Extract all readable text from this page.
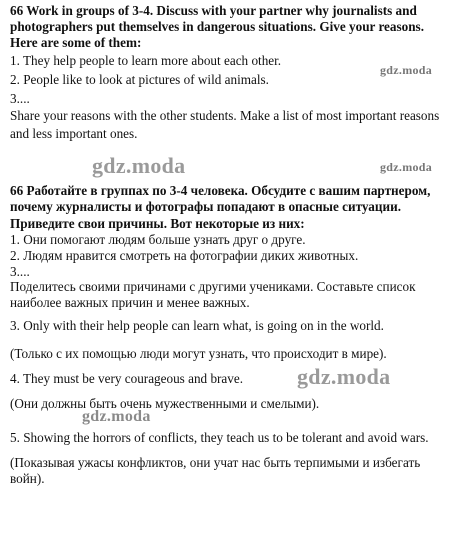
66 Work in groups of 3-4. Discuss with your partner why journalists and
photographers put themselves in dangerous situations. Give your reasons.
Here are some of them:
1. They help people to learn more about each other.
2. People like to look at pictures of wild animals.
3....
Share your reasons with the other students. Make a list of most important reasons
and less important ones.
66 Работайте в группах по 3-4 человека. Обсудите с вашим партнером,
почему журналисты и фотографы попадают в опасные ситуации.
Приведите свои причины. Вот некоторые из них:
1. Они помогают людям больше узнать друг о друге.
2. Людям нравится смотреть на фотографии диких животных.
3....
Поделитесь своими причинами с другими учениками. Составьте список
наиболее важных причин и менее важных.
3. Only with their help people can learn what, is going on in the world.
(Только с их помощью люди могут узнать, что происходит в мире).
4. They must be very courageous and brave.
(Они должны быть очень мужественными и смелыми).
5. Showing the horrors of conflicts, they teach us to be tolerant and avoid wars.
(Показывая ужасы конфликтов, они учат нас быть терпимыми и избегать
войн).
gdz.moda
gdz.moda	gdz.moda
gdz.moda
gdz.moda
